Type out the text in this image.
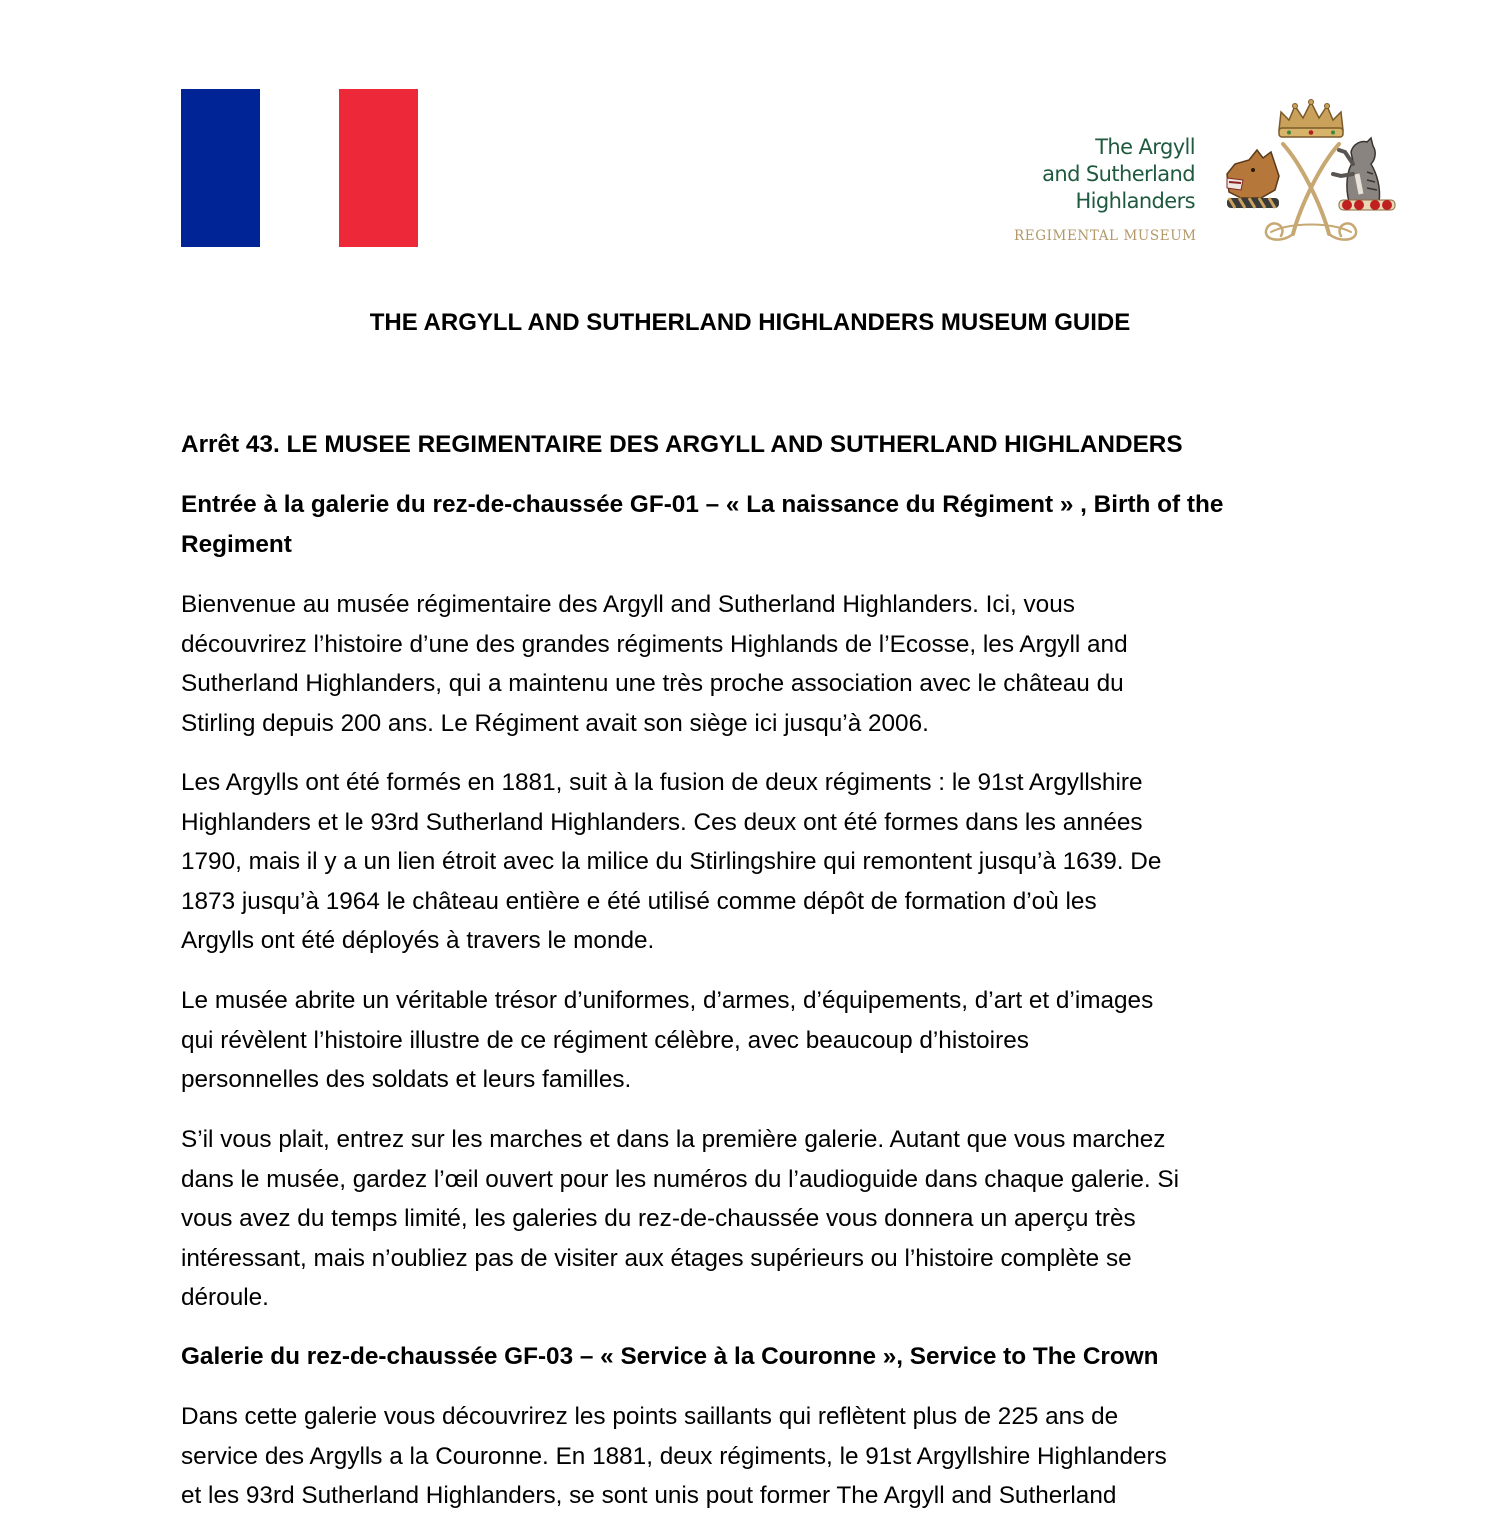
The Argyll
and Sutherland
Highlanders
REGIMENTAL MUSEUM
THE ARGYLL AND SUTHERLAND HIGHLANDERS MUSEUM GUIDE
Arrêt 43. LE MUSEE REGIMENTAIRE DES ARGYLL AND SUTHERLAND HIGHLANDERS
Entrée à la galerie du rez-de-chaussée GF-01 – « La naissance du Régiment » , Birth of the
Regiment
Bienvenue au musée régimentaire des Argyll and Sutherland Highlanders. Ici, vous
découvrirez l’histoire d’une des grandes régiments Highlands de l’Ecosse, les Argyll and
Sutherland Highlanders, qui a maintenu une très proche association avec le château du
Stirling depuis 200 ans. Le Régiment avait son siège ici jusqu’à 2006.
Les Argylls ont été formés en 1881, suit à la fusion de deux régiments : le 91st Argyllshire
Highlanders et le 93rd Sutherland Highlanders. Ces deux ont été formes dans les années
1790, mais il y a un lien étroit avec la milice du Stirlingshire qui remontent jusqu’à 1639. De
1873 jusqu’à 1964 le château entière e été utilisé comme dépôt de formation d’où les
Argylls ont été déployés à travers le monde.
Le musée abrite un véritable trésor d’uniformes, d’armes, d’équipements, d’art et d’images
qui révèlent l’histoire illustre de ce régiment célèbre, avec beaucoup d’histoires
personnelles des soldats et leurs familles.
S’il vous plait, entrez sur les marches et dans la première galerie. Autant que vous marchez
dans le musée, gardez l’œil ouvert pour les numéros du l’audioguide dans chaque galerie. Si
vous avez du temps limité, les galeries du rez-de-chaussée vous donnera un aperçu très
intéressant, mais n’oubliez pas de visiter aux étages supérieurs ou l’histoire complète se
déroule.
Galerie du rez-de-chaussée GF-03 – « Service à la Couronne », Service to The Crown
Dans cette galerie vous découvrirez les points saillants qui reflètent plus de 225 ans de
service des Argylls a la Couronne. En 1881, deux régiments, le 91st Argyllshire Highlanders
et les 93rd Sutherland Highlanders, se sont unis pout former The Argyll and Sutherland
